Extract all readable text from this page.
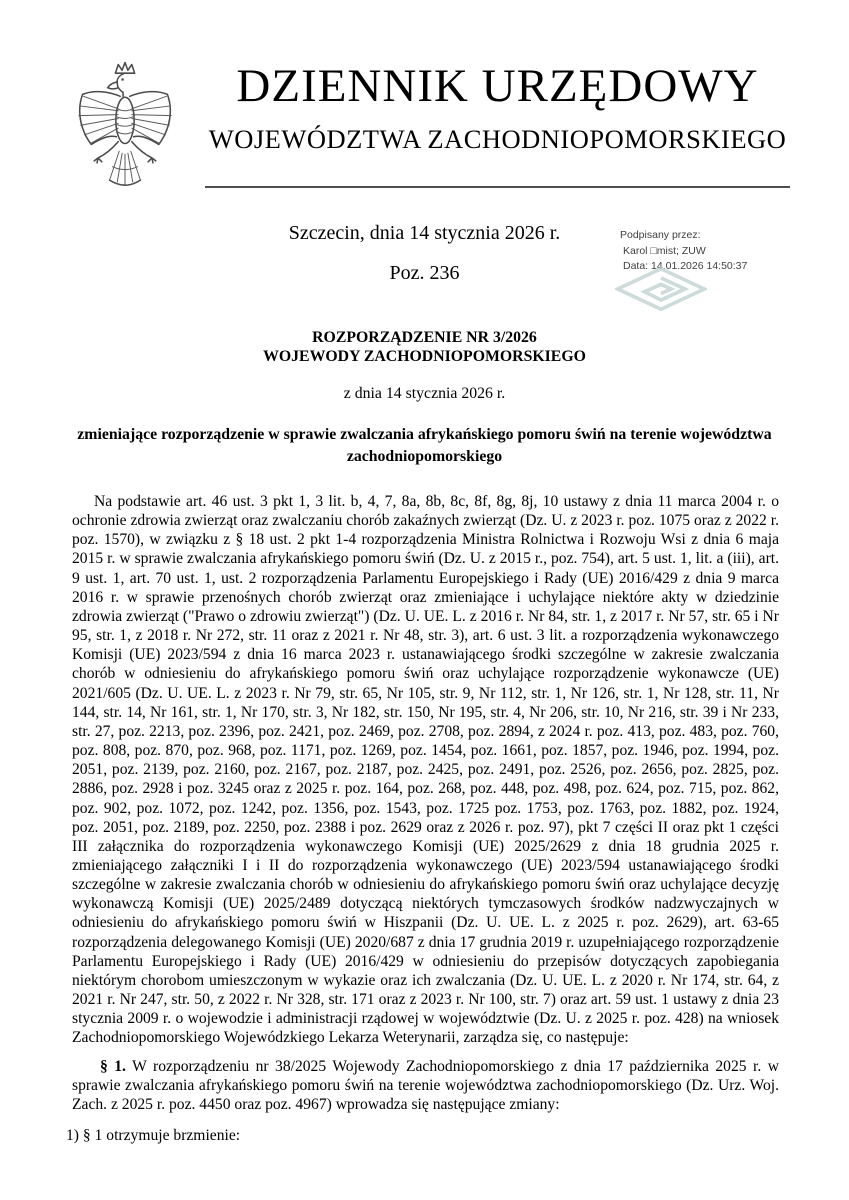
DZIENNIK URZĘDOWY
WOJEWÓDZTWA ZACHODNIOPOMORSKIEGO
Szczecin, dnia 14 stycznia 2026 r.
Poz. 236
Podpisany przez:
Karol □mist; ZUW
Data: 14.01.2026 14:50:37
ROZPORZĄDZENIE NR 3/2026
WOJEWODY ZACHODNIOPOMORSKIEGO
z dnia 14 stycznia 2026 r.
zmieniające rozporządzenie w sprawie zwalczania afrykańskiego pomoru świń na terenie województwa zachodniopomorskiego

Na podstawie art. 46 ust. 3 pkt 1, 3 lit. b, 4, 7, 8a, 8b, 8c, 8f, 8g, 8j, 10 ustawy z dnia 11 marca 2004 r. o ochronie zdrowia zwierząt oraz zwalczaniu chorób zakaźnych zwierząt (Dz. U. z 2023 r. poz. 1075 oraz z 2022 r. poz. 1570), w związku z § 18 ust. 2 pkt 1-4 rozporządzenia Ministra Rolnictwa i Rozwoju Wsi z dnia 6 maja 2015 r. w sprawie zwalczania afrykańskiego pomoru świń (Dz. U. z 2015 r., poz. 754), art. 5 ust. 1, lit. a (iii), art. 9 ust. 1, art. 70 ust. 1, ust. 2 rozporządzenia Parlamentu Europejskiego i Rady (UE) 2016/429 z dnia 9 marca 2016 r. w sprawie przenośnych chorób zwierząt oraz zmieniające i uchylające niektóre akty w dziedzinie zdrowia zwierząt ("Prawo o zdrowiu zwierząt") (Dz. U. UE. L. z 2016 r. Nr 84, str. 1, z 2017 r. Nr 57, str. 65 i Nr 95, str. 1, z 2018 r. Nr 272, str. 11 oraz z 2021 r. Nr 48, str. 3), art. 6 ust. 3 lit. a rozporządzenia wykonawczego Komisji (UE) 2023/594 z dnia 16 marca 2023 r. ustanawiającego środki szczególne w zakresie zwalczania chorób w odniesieniu do afrykańskiego pomoru świń oraz uchylające rozporządzenie wykonawcze (UE) 2021/605 (Dz. U. UE. L. z 2023 r. Nr 79, str. 65, Nr 105, str. 9, Nr 112, str. 1, Nr 126, str. 1, Nr 128, str. 11, Nr 144, str. 14, Nr 161, str. 1, Nr 170, str. 3, Nr 182, str. 150, Nr 195, str. 4, Nr 206, str. 10, Nr 216, str. 39 i Nr 233, str. 27, poz. 2213, poz. 2396, poz. 2421, poz. 2469, poz. 2708, poz. 2894, z 2024 r. poz. 413, poz. 483, poz. 760, poz. 808, poz. 870, poz. 968, poz. 1171, poz. 1269, poz. 1454, poz. 1661, poz. 1857, poz. 1946, poz. 1994, poz. 2051, poz. 2139, poz. 2160, poz. 2167, poz. 2187, poz. 2425, poz. 2491, poz. 2526, poz. 2656, poz. 2825, poz. 2886, poz. 2928 i poz. 3245 oraz z 2025 r. poz. 164, poz. 268, poz. 448, poz. 498, poz. 624, poz. 715, poz. 862, poz. 902, poz. 1072, poz. 1242, poz. 1356, poz. 1543, poz. 1725 poz. 1753, poz. 1763, poz. 1882, poz. 1924, poz. 2051, poz. 2189, poz. 2250, poz. 2388 i poz. 2629 oraz z 2026 r. poz. 97), pkt 7 części II oraz pkt 1 części III załącznika do rozporządzenia wykonawczego Komisji (UE) 2025/2629 z dnia 18 grudnia 2025 r. zmieniającego załączniki I i II do rozporządzenia wykonawczego (UE) 2023/594 ustanawiającego środki szczególne w zakresie zwalczania chorób w odniesieniu do afrykańskiego pomoru świń oraz uchylające decyzję wykonawczą Komisji (UE) 2025/2489 dotyczącą niektórych tymczasowych środków nadzwyczajnych w odniesieniu do afrykańskiego pomoru świń w Hiszpanii (Dz. U. UE. L. z 2025 r. poz. 2629), art. 63-65 rozporządzenia delegowanego Komisji (UE) 2020/687 z dnia 17 grudnia 2019 r. uzupełniającego rozporządzenie Parlamentu Europejskiego i Rady (UE) 2016/429 w odniesieniu do przepisów dotyczących zapobiegania niektórym chorobom umieszczonym w wykazie oraz ich zwalczania (Dz. U. UE. L. z 2020 r. Nr 174, str. 64, z 2021 r. Nr 247, str. 50, z 2022 r. Nr 328, str. 171 oraz z 2023 r. Nr 100, str. 7) oraz art. 59 ust. 1 ustawy z dnia 23 stycznia 2009 r. o wojewodzie i administracji rządowej w województwie (Dz. U. z 2025 r. poz. 428) na wniosek Zachodniopomorskiego Wojewódzkiego Lekarza Weterynarii, zarządza się, co następuje:

§ 1. W rozporządzeniu nr 38/2025 Wojewody Zachodniopomorskiego z dnia 17 października 2025 r. w sprawie zwalczania afrykańskiego pomoru świń na terenie województwa zachodniopomorskiego (Dz. Urz. Woj. Zach. z 2025 r. poz. 4450 oraz poz. 4967) wprowadza się następujące zmiany:

1) § 1 otrzymuje brzmienie:
